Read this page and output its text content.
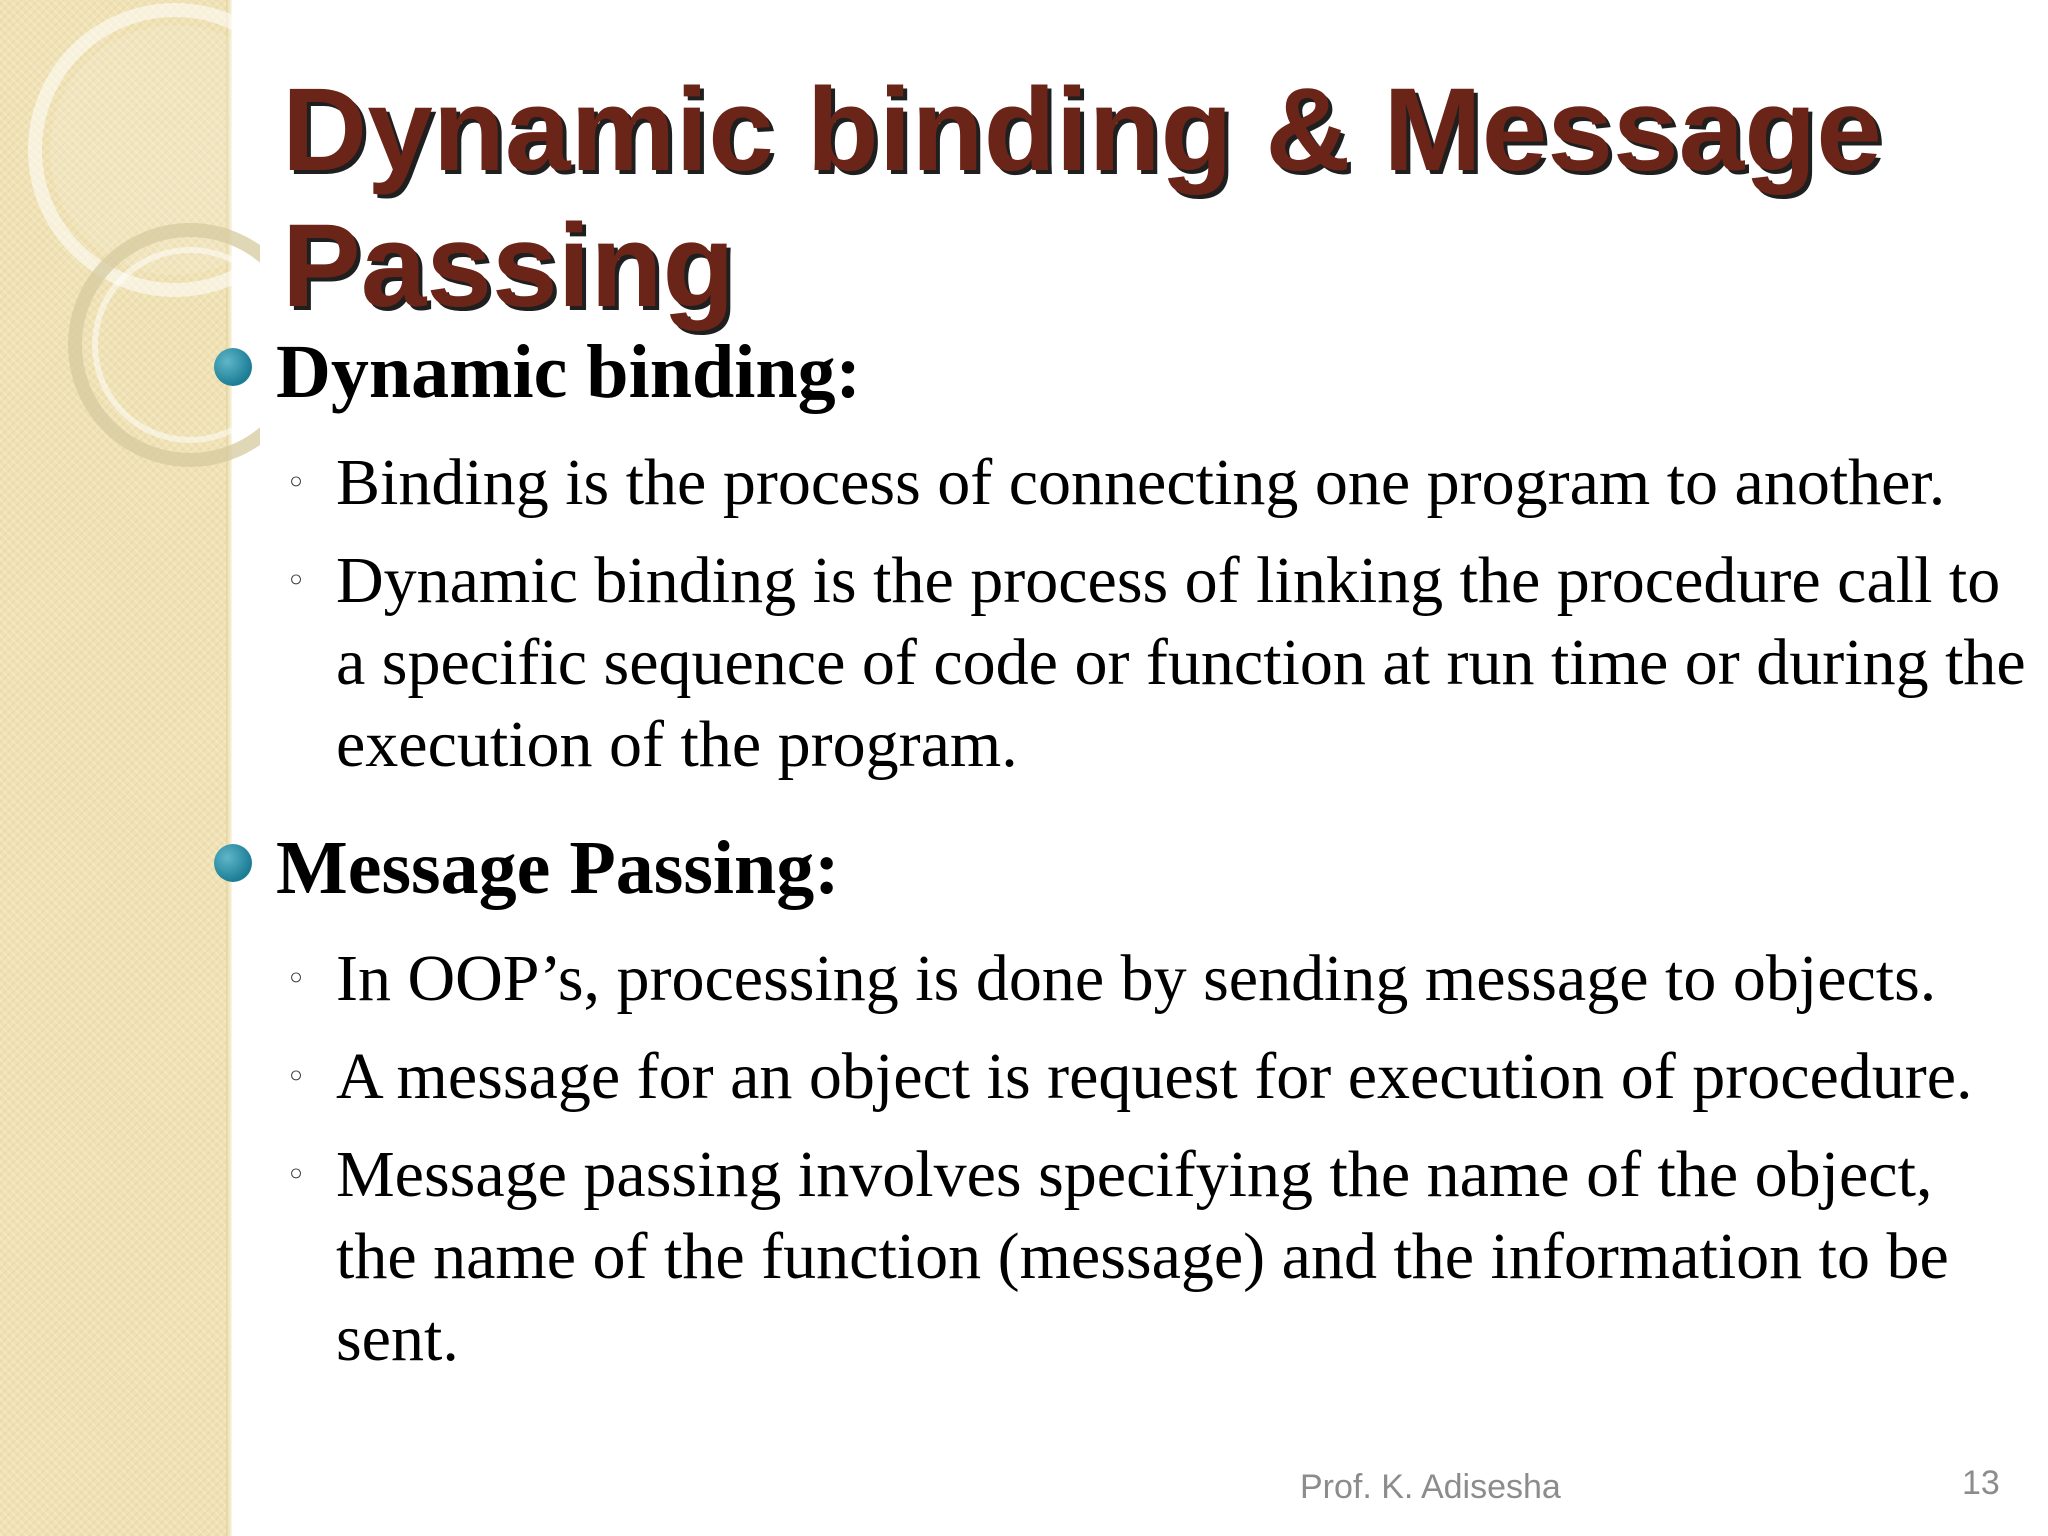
Dynamic binding & Message Passing
Dynamic binding:
◦ Binding is the process of connecting one program to another.
◦ Dynamic binding is the process of linking the procedure call to a specific sequence of code or function at run time or during the execution of the program.
Message Passing:
◦ In OOP’s, processing is done by sending message to objects.
◦ A message for an object is request for execution of procedure.
◦ Message passing involves specifying the name of the object, the name of the function (message) and the information to be sent.
Prof. K. Adisesha	13
